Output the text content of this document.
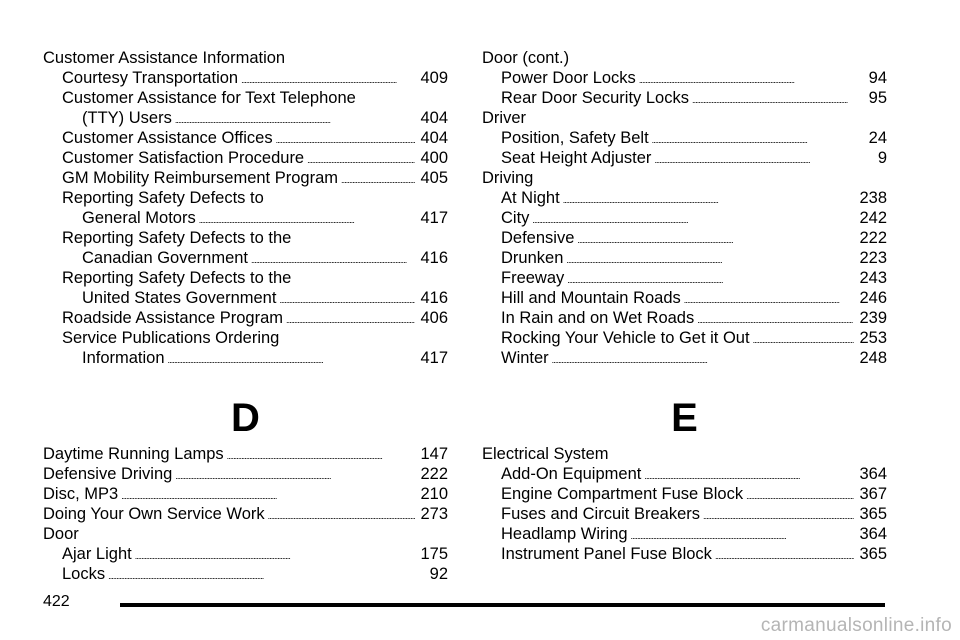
Customer Assistance Information
Courtesy Transportation . . .	409
Customer Assistance for Text Telephone
(TTY) Users . . .	404
Customer Assistance Offices . . .	404
Customer Satisfaction Procedure . . .	400
GM Mobility Reimbursement Program . . .	405
Reporting Safety Defects to
General Motors . . .	417
Reporting Safety Defects to the
Canadian Government . . .	416
Reporting Safety Defects to the
United States Government . . .	416
Roadside Assistance Program . . .	406
Service Publications Ordering
Information . . .	417
D
Daytime Running Lamps . . .	147
Defensive Driving . . .	222
Disc, MP3 . . .	210
Doing Your Own Service Work . . .	273
Door
Ajar Light . . .	175
Locks . . .	92
Door (cont.)
Power Door Locks . . .	94
Rear Door Security Locks . . .	95
Driver
Position, Safety Belt . . .	24
Seat Height Adjuster . . .	9
Driving
At Night . . .	238
City . . .	242
Defensive . . .	222
Drunken . . .	223
Freeway . . .	243
Hill and Mountain Roads . . .	246
In Rain and on Wet Roads . . .	239
Rocking Your Vehicle to Get it Out . . .	253
Winter . . .	248
E
Electrical System
Add-On Equipment . . .	364
Engine Compartment Fuse Block . . .	367
Fuses and Circuit Breakers . . .	365
Headlamp Wiring . . .	364
Instrument Panel Fuse Block . . .	365
422
carmanualsonline.info
